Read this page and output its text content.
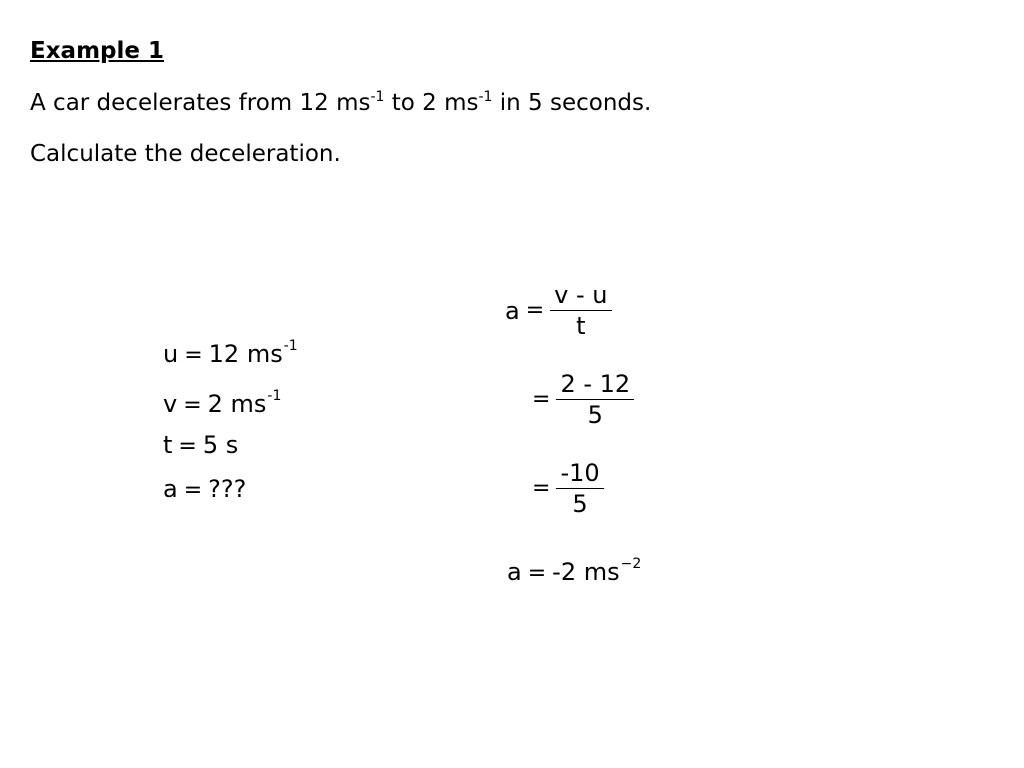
Example 1
A car decelerates from 12 $ms^{-1}$ to 2 $ms^{-1}$ in 5 seconds.
Calculate the deceleration.
u = 12 $ms^{-1}$
v = 2 $ms^{-1}$
t = 5 s
a = ???
$a = \frac{v - u}{t}$
= $\frac{2 - 12}{5}$
= $\frac{-10}{5}$
a = -2 $ms^{-2}$
